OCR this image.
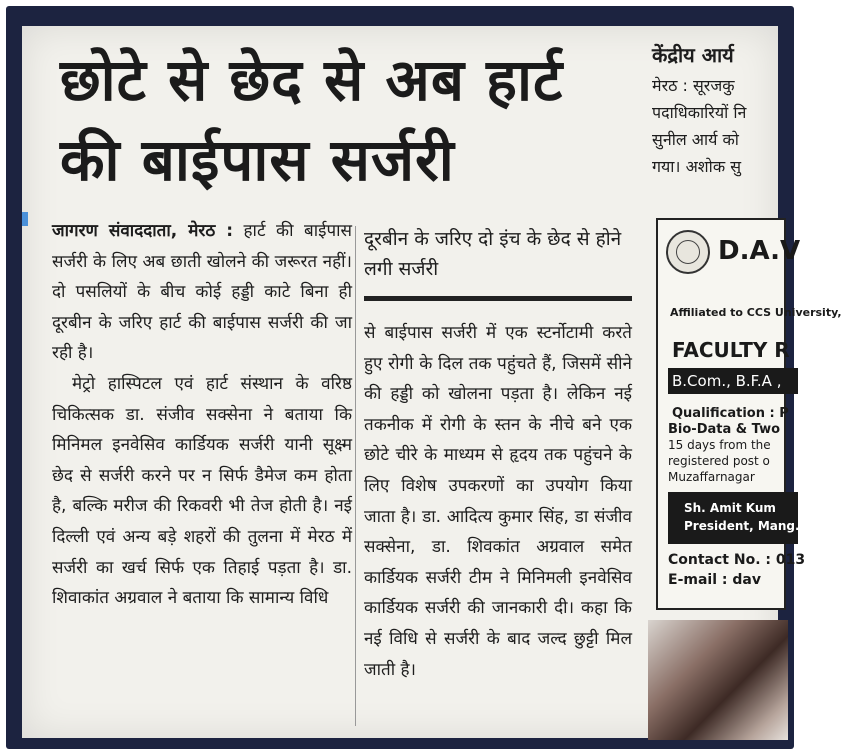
छोटे से छेद से अब हार्ट
की बाईपास सर्जरी

जागरण संवाददाता, मेरठ : हार्ट की बाईपास सर्जरी के लिए अब छाती खोलने की जरूरत नहीं। दो पसलियों के बीच कोई हड्डी काटे बिना ही दूरबीन के जरिए हार्ट की बाईपास सर्जरी की जा रही है।

मेट्रो हास्पिटल एवं हार्ट संस्थान के वरिष्ठ चिकित्सक डा. संजीव सक्सेना ने बताया कि मिनिमल इनवेसिव कार्डियक सर्जरी यानी सूक्ष्म छेद से सर्जरी करने पर न सिर्फ डैमेज कम होता है, बल्कि मरीज की रिकवरी भी तेज होती है। नई दिल्ली एवं अन्य बड़े शहरों की तुलना में मेरठ में सर्जरी का खर्च सिर्फ एक तिहाई पड़ता है। डा. शिवाकांत अग्रवाल ने बताया कि सामान्य विधि

दूरबीन के जरिए दो इंच के छेद से होने लगी सर्जरी

से बाईपास सर्जरी में एक स्टर्नोटामी करते हुए रोगी के दिल तक पहुंचते हैं, जिसमें सीने की हड्डी को खोलना पड़ता है। लेकिन नई तकनीक में रोगी के स्तन के नीचे बने एक छोटे चीरे के माध्यम से हृदय तक पहुंचने के लिए विशेष उपकरणों का उपयोग किया जाता है। डा. आदित्य कुमार सिंह, डा संजीव सक्सेना, डा. शिवकांत अग्रवाल समेत कार्डियक सर्जरी टीम ने मिनिमली इनवेसिव कार्डियक सर्जरी की जानकारी दी। कहा कि नई विधि से सर्जरी के बाद जल्द छुट्टी मिल जाती है।

केंद्रीय आर्य
मेरठ : सूरजकु
पदाधिकारियों नि
सुनील आर्य को
गया। अशोक सु
D.A.V
Affiliated to CCS University,
FACULTY R
B.Com., B.F.A ,
Qualification : P
Bio-Data & Two
15 days from the
registered post o
Muzaffarnagar
Sh. Amit Kum
President, Mang.
Contact No. : 013
E-mail : dav
